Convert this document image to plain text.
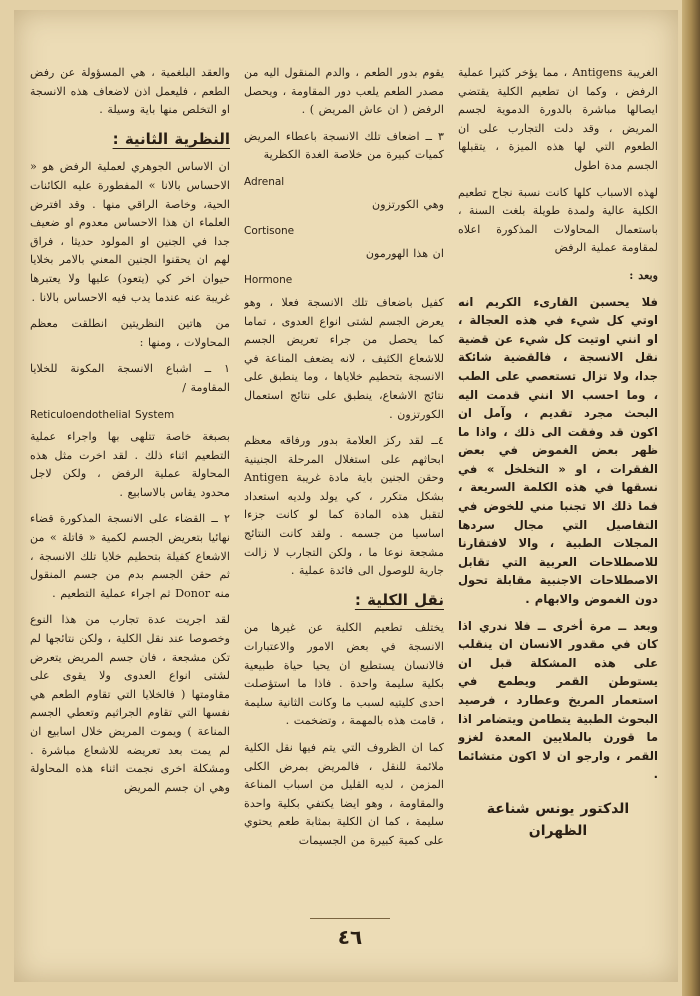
والعقد البلغمية ، هي المسؤولة عن رفض الطعم ، فليعمل اذن لاضعاف هذه الانسجة او التخلص منها باية وسيلة .

النظرية الثانية :

ان الاساس الجوهري لعملية الرفض هو « الاحساس بالانا » المفطورة عليه الكائنات الحية، وخاصة الراقي منها . وقد افترض العلماء ان هذا الاحساس معدوم او ضعيف جدا في الجنين او المولود حديثا ، فراق لهم ان يحقنوا الجنين المعني بالامر بخلايا حيوان اخر كي (يتعود) عليها ولا يعتبرها غريبة عنه عندما يدب فيه الاحساس بالانا .

من هاتين النظريتين انطلقت معظم المحاولات ، ومنها :

١ ــ اشباع الانسجة المكونة للخلايا المقاومة /

Reticuloendothelial System

بصبغة خاصة تتلهى بها واجراء عملية التطعيم اثناء ذلك . لقد اخرت مثل هذه المحاولة عملية الرفض ، ولكن لاجل محدود يقاس بالاسابيع .

٢ ــ القضاء على الانسجة المذكورة قضاء نهائيا بتعريض الجسم لكمية « قاتلة » من الاشعاع كفيلة بتحطيم خلايا تلك الانسجة ، ثم حقن الجسم بدم من جسم المنقول منه Donor ثم اجراء عملية التطعيم .

لقد اجريت عدة تجارب من هذا النوع وخصوصا عند نقل الكلية ، ولكن نتائجها لم تكن مشجعة ، فان جسم المريض يتعرض لشتى انواع العدوى ولا يقوى على مقاومتها ( فالخلايا التي تقاوم الطعم هي نفسها التي تقاوم الجراثيم وتعطي الجسم المناعة ) ويموت المريض خلال اسابيع ان لم يمت بعد تعريضه للاشعاع مباشرة . ومشكلة اخرى نجمت اثناء هذه المحاولة وهي ان جسم المريض

يقوم بدور الطعم ، والدم المنقول اليه من مصدر الطعم يلعب دور المقاومة ، ويحصل الرفض ( ان عاش المريض ) .

٣ ــ اضعاف تلك الانسجة باعطاء المريض كميات كبيرة من خلاصة الغدة الكظرية

Adrenal

وهي الكورتزون

Cortisone

ان هذا الهورمون

Hormone

كفيل باضعاف تلك الانسجة فعلا ، وهو يعرض الجسم لشتى انواع العدوى ، تماما كما يحصل من جراء تعريض الجسم للاشعاع الكثيف ، لانه يضعف المناعة في الانسجة بتحطيم خلاياها ، وما ينطبق على نتائج الاشعاع، ينطبق على نتائج استعمال الكورتزون .

٤ــ لقد ركز العلامة بدور ورفاقه معظم ابحاثهم على استغلال المرحلة الجنينية وحقن الجنين باية مادة غريبة Antigen بشكل متكرر ، كي يولد ولديه استعداد لتقبل هذه المادة كما لو كانت جزءا اساسيا من جسمه . ولقد كانت النتائج مشجعة نوعا ما ، ولكن التجارب لا زالت جارية للوصول الى فائدة عملية .

نقل الكلية :

يختلف تطعيم الكلية عن غيرها من الانسجة في بعض الامور والاعتبارات فالانسان يستطيع ان يحيا حياة طبيعية بكلية سليمة واحدة . فاذا ما استؤصلت احدى كليتيه لسبب ما وكانت الثانية سليمة ، قامت هذه بالمهمة ، وتضخمت .

كما ان الظروف التي يتم فيها نقل الكلية ملائمة للنقل ، فالمريض بمرض الكلى المزمن ، لديه القليل من اسباب المناعة والمقاومة ، وهو ايضا يكتفي بكلية واحدة سليمة ، كما ان الكلية بمثابة طعم يحتوي على كمية كبيرة من الجسيمات

الغريبة Antigens ، مما يؤخر كثيرا عملية الرفض ، وكما ان تطعيم الكلية يقتضي ايصالها مباشرة بالدورة الدموية لجسم المريض ، وقد دلت التجارب على ان الطعوم التي لها هذه الميزة ، يتقبلها الجسم مدة اطول

لهذه الاسباب كلها كانت نسبة نجاح تطعيم الكلية عالية ولمدة طويلة بلغت السنة ، باستعمال المحاولات المذكورة اعلاه لمقاومة عملية الرفض

وبعد :

فلا يحسبن القارىء الكريم انه اوتي كل شيء في هذه العجالة ، او انني اوتيت كل شيء عن قضية نقل الانسجة ، فالقضية شائكة جدا، ولا تزال تستعصي على الطب ، وما احسب الا انني قدمت اليه البحث مجرد تقديم ، وآمل ان اكون قد وفقت الى ذلك ، واذا ما ظهر بعض الغموض في بعض الفقرات ، او « التخلخل » في نسقها في هذه الكلمة السريعة ، فما ذلك الا تجنبا مني للخوض في التفاصيل التي مجال سردها المجلات الطبية ، والا لافتقارنا للاصطلاحات العربية التي تقابل الاصطلاحات الاجنبية مقابلة تحول دون الغموض والابهام .

وبعد ــ مرة أخرى ــ فلا ندري اذا كان في مقدور الانسان ان ينقلب على هذه المشكلة قبل ان يستوطن القمر ويطمع في استعمار المريخ وعطارد ، فرصيد البحوث الطبية يتطامن ويتضامر اذا ما قورن بالملايين المعدة لغزو القمر ، وارجو ان لا اكون متشائما .

الدكتور يونس شناعة
الظهران
٤٦
